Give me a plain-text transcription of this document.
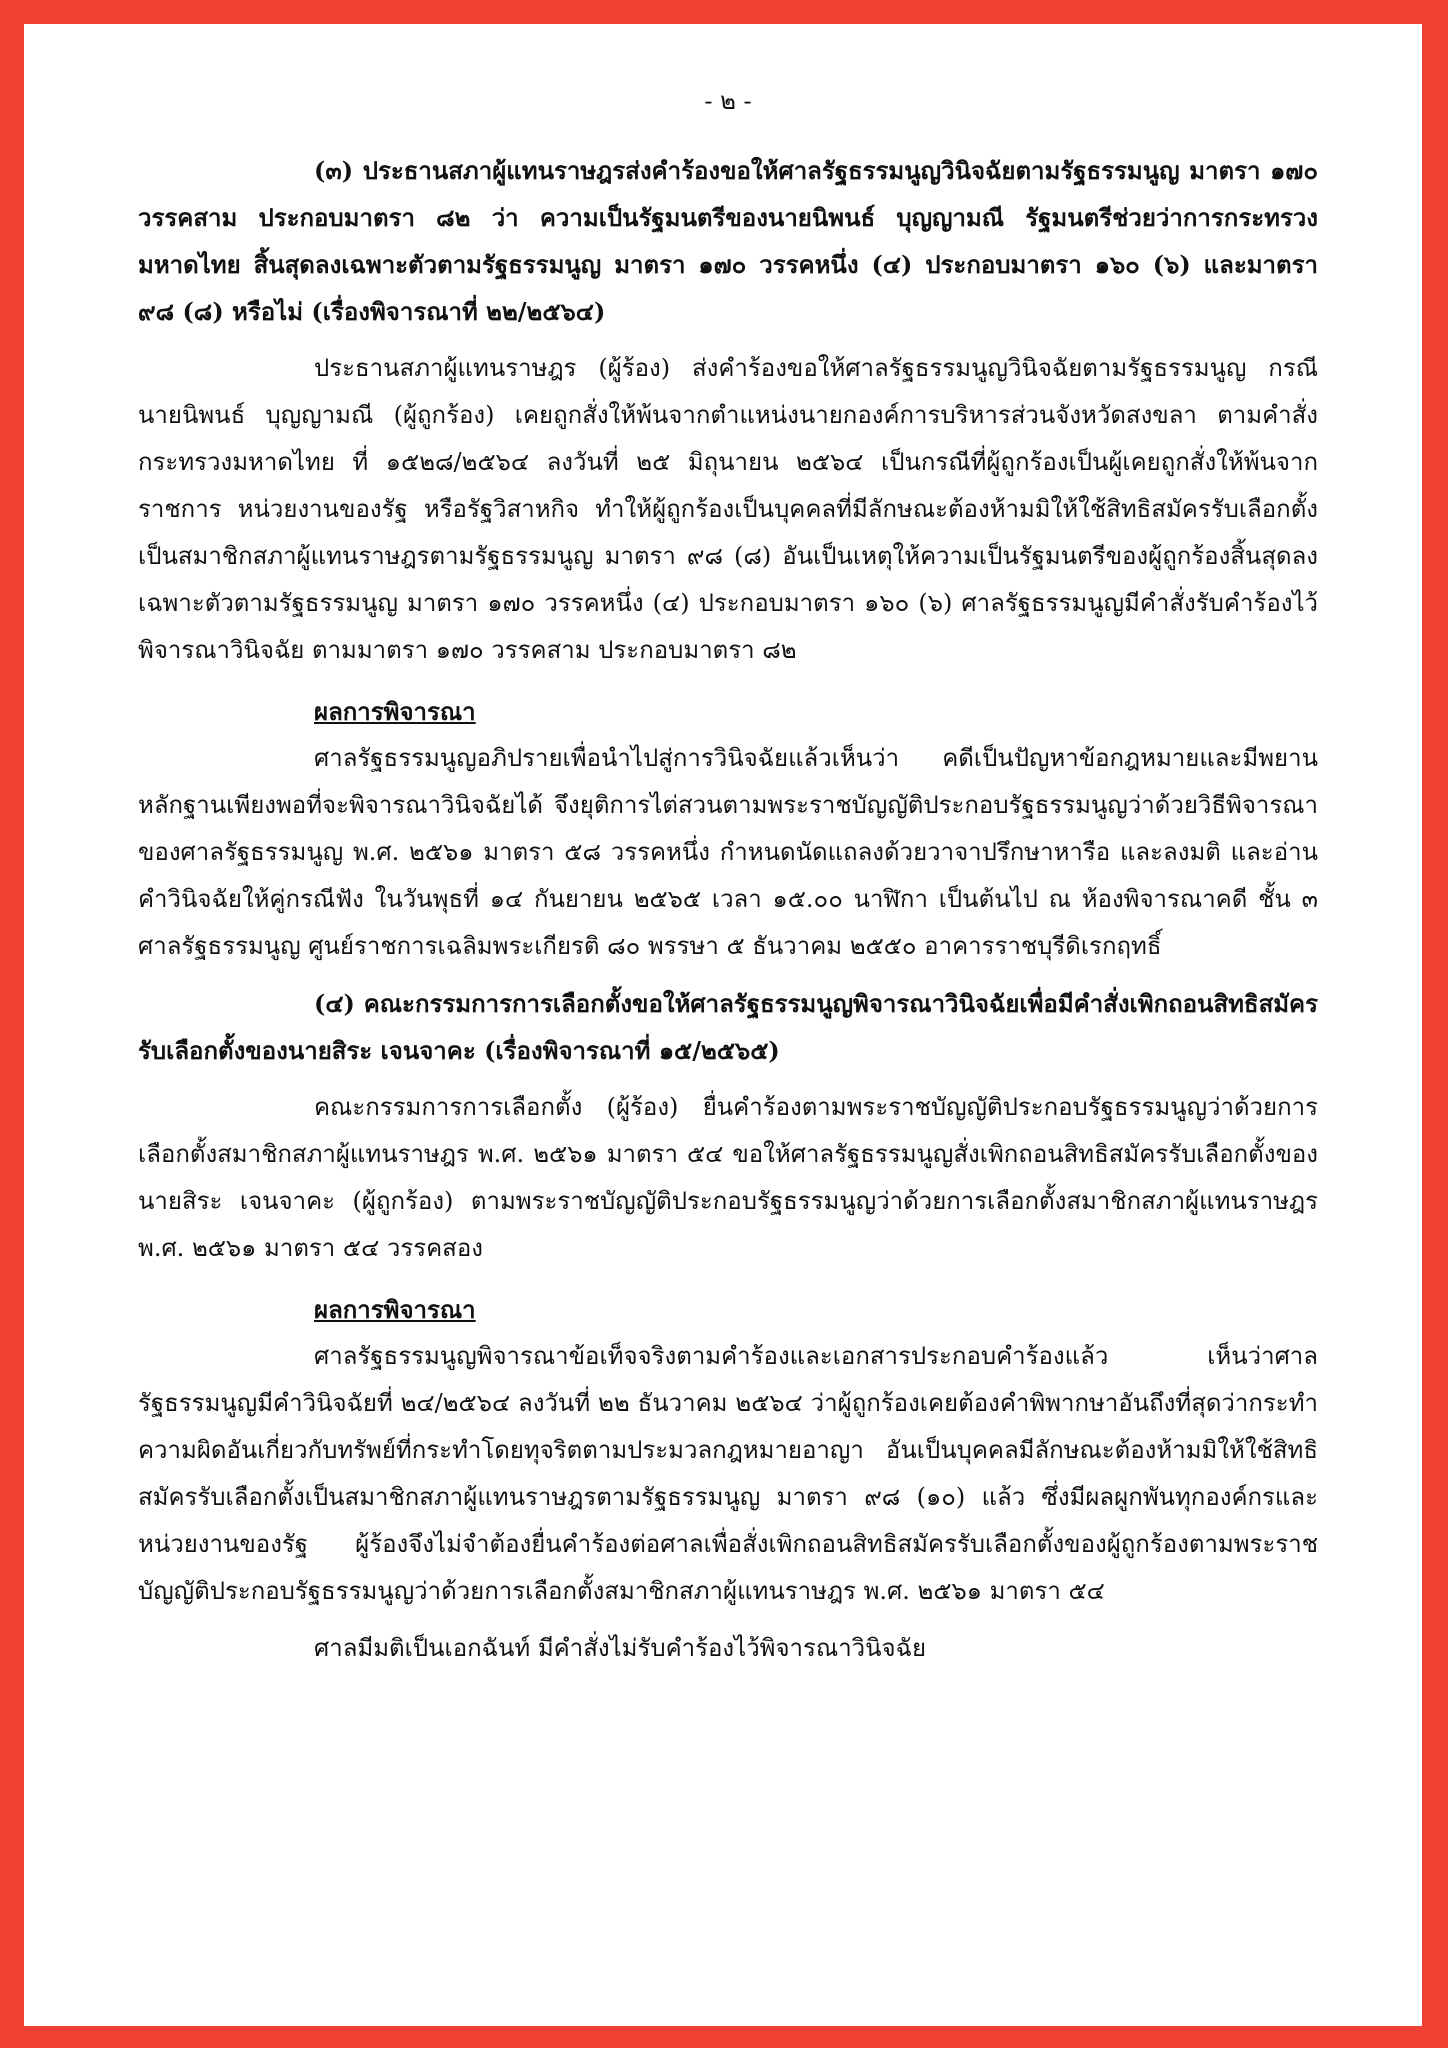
- ๒ -

(๓) ประธานสภาผู้แทนราษฎรส่งคำร้องขอให้ศาลรัฐธรรมนูญวินิจฉัยตามรัฐธรรมนูญ มาตรา ๑๗๐ วรรคสาม ประกอบมาตรา ๘๒ ว่า ความเป็นรัฐมนตรีของนายนิพนธ์ บุญญามณี รัฐมนตรีช่วยว่าการกระทรวงมหาดไทย สิ้นสุดลงเฉพาะตัวตามรัฐธรรมนูญ มาตรา ๑๗๐ วรรคหนึ่ง (๔) ประกอบมาตรา ๑๖๐ (๖) และมาตรา ๙๘ (๘) หรือไม่ (เรื่องพิจารณาที่ ๒๒/๒๕๖๔)

ประธานสภาผู้แทนราษฎร (ผู้ร้อง) ส่งคำร้องขอให้ศาลรัฐธรรมนูญวินิจฉัยตามรัฐธรรมนูญ กรณีนายนิพนธ์ บุญญามณี (ผู้ถูกร้อง) เคยถูกสั่งให้พ้นจากตำแหน่งนายกองค์การบริหารส่วนจังหวัดสงขลา ตามคำสั่งกระทรวงมหาดไทย ที่ ๑๕๒๘/๒๕๖๔ ลงวันที่ ๒๕ มิถุนายน ๒๕๖๔ เป็นกรณีที่ผู้ถูกร้องเป็นผู้เคยถูกสั่งให้พ้นจากราชการ หน่วยงานของรัฐ หรือรัฐวิสาหกิจ ทำให้ผู้ถูกร้องเป็นบุคคลที่มีลักษณะต้องห้ามมิให้ใช้สิทธิสมัครรับเลือกตั้งเป็นสมาชิกสภาผู้แทนราษฎรตามรัฐธรรมนูญ มาตรา ๙๘ (๘) อันเป็นเหตุให้ความเป็นรัฐมนตรีของผู้ถูกร้องสิ้นสุดลงเฉพาะตัวตามรัฐธรรมนูญ มาตรา ๑๗๐ วรรคหนึ่ง (๔) ประกอบมาตรา ๑๖๐ (๖) ศาลรัฐธรรมนูญมีคำสั่งรับคำร้องไว้พิจารณาวินิจฉัย ตามมาตรา ๑๗๐ วรรคสาม ประกอบมาตรา ๘๒

ผลการพิจารณา

ศาลรัฐธรรมนูญอภิปรายเพื่อนำไปสู่การวินิจฉัยแล้วเห็นว่า คดีเป็นปัญหาข้อกฎหมายและมีพยานหลักฐานเพียงพอที่จะพิจารณาวินิจฉัยได้ จึงยุติการไต่สวนตามพระราชบัญญัติประกอบรัฐธรรมนูญว่าด้วยวิธีพิจารณาของศาลรัฐธรรมนูญ พ.ศ. ๒๕๖๑ มาตรา ๕๘ วรรคหนึ่ง กำหนดนัดแถลงด้วยวาจาปรึกษาหารือ และลงมติ และอ่านคำวินิจฉัยให้คู่กรณีฟัง ในวันพุธที่ ๑๔ กันยายน ๒๕๖๕ เวลา ๑๕.๐๐ นาฬิกา เป็นต้นไป ณ ห้องพิจารณาคดี ชั้น ๓ ศาลรัฐธรรมนูญ ศูนย์ราชการเฉลิมพระเกียรติ ๘๐ พรรษา ๕ ธันวาคม ๒๕๕๐ อาคารราชบุรีดิเรกฤทธิ์

(๔) คณะกรรมการการเลือกตั้งขอให้ศาลรัฐธรรมนูญพิจารณาวินิจฉัยเพื่อมีคำสั่งเพิกถอนสิทธิสมัครรับเลือกตั้งของนายสิระ เจนจาคะ (เรื่องพิจารณาที่ ๑๕/๒๕๖๕)

คณะกรรมการการเลือกตั้ง (ผู้ร้อง) ยื่นคำร้องตามพระราชบัญญัติประกอบรัฐธรรมนูญว่าด้วยการเลือกตั้งสมาชิกสภาผู้แทนราษฎร พ.ศ. ๒๕๖๑ มาตรา ๕๔ ขอให้ศาลรัฐธรรมนูญสั่งเพิกถอนสิทธิสมัครรับเลือกตั้งของนายสิระ เจนจาคะ (ผู้ถูกร้อง) ตามพระราชบัญญัติประกอบรัฐธรรมนูญว่าด้วยการเลือกตั้งสมาชิกสภาผู้แทนราษฎร พ.ศ. ๒๕๖๑ มาตรา ๕๔ วรรคสอง

ผลการพิจารณา

ศาลรัฐธรรมนูญพิจารณาข้อเท็จจริงตามคำร้องและเอกสารประกอบคำร้องแล้ว เห็นว่าศาลรัฐธรรมนูญมีคำวินิจฉัยที่ ๒๔/๒๕๖๔ ลงวันที่ ๒๒ ธันวาคม ๒๕๖๔ ว่าผู้ถูกร้องเคยต้องคำพิพากษาอันถึงที่สุดว่ากระทำความผิดอันเกี่ยวกับทรัพย์ที่กระทำโดยทุจริตตามประมวลกฎหมายอาญา อันเป็นบุคคลมีลักษณะต้องห้ามมิให้ใช้สิทธิสมัครรับเลือกตั้งเป็นสมาชิกสภาผู้แทนราษฎรตามรัฐธรรมนูญ มาตรา ๙๘ (๑๐) แล้ว ซึ่งมีผลผูกพันทุกองค์กรและหน่วยงานของรัฐ ผู้ร้องจึงไม่จำต้องยื่นคำร้องต่อศาลเพื่อสั่งเพิกถอนสิทธิสมัครรับเลือกตั้งของผู้ถูกร้องตามพระราชบัญญัติประกอบรัฐธรรมนูญว่าด้วยการเลือกตั้งสมาชิกสภาผู้แทนราษฎร พ.ศ. ๒๕๖๑ มาตรา ๕๔

ศาลมีมติเป็นเอกฉันท์ มีคำสั่งไม่รับคำร้องไว้พิจารณาวินิจฉัย
